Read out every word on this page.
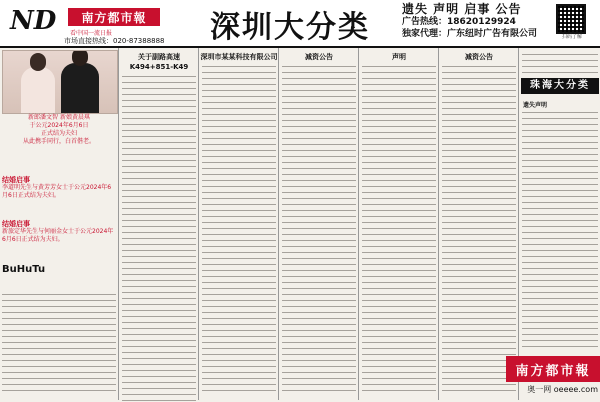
ND	南方都市報
看中国一流日报
市场直接热线：020-87388888 深圳大分类
遗失 声明 启事 公告
广告热线：18620129924
独家代理：广东纽时广告有限公司	扫码了解
新郎潘文智 新娘黄晨琪
于公元2024年6月6日
正式结为夫妇
从此携手同行，白首偕老。
结婚启事
李道明先生与黄芳芳女士于公元2024年6月6日正式结为夫妇。
结婚启事
新旅定华先生与何丽金女士于公元2024年6月6日正式结为夫妇。
BuHuTu
关于副路高速K494+851-K49
深圳市某某科技有限公司	减资公告	声明	减资公告
珠海大分类
遗失声明
南方都市報
奥一网 oeeee.com
